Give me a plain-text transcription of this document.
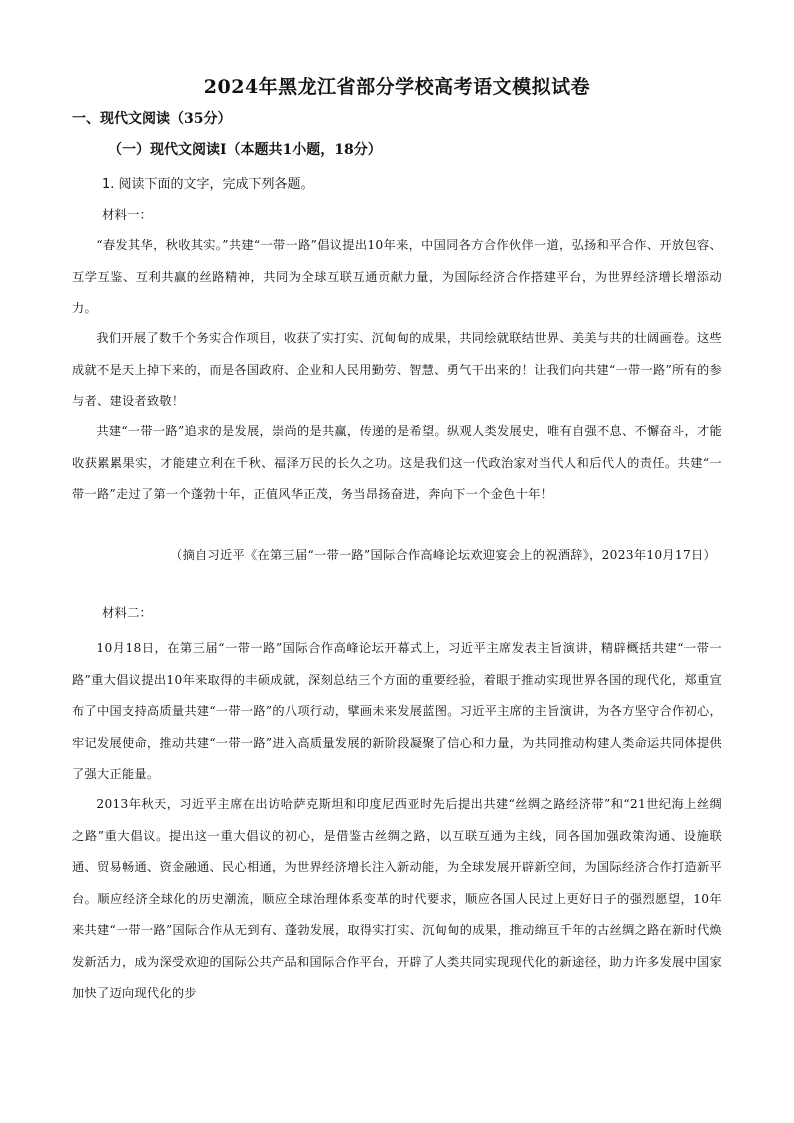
2024年黑龙江省部分学校高考语文模拟试卷
一、现代文阅读（35分）
（一）现代文阅读Ⅰ（本题共1小题，18分）
1. 阅读下面的文字，完成下列各题。
材料一：

“春发其华，秋收其实。”共建“一带一路”倡议提出10年来，中国同各方合作伙伴一道，弘扬和平合作、开放包容、互学互鉴、互利共赢的丝路精神，共同为全球互联互通贡献力量，为国际经济合作搭建平台，为世界经济增长增添动力。

我们开展了数千个务实合作项目，收获了实打实、沉甸甸的成果，共同绘就联结世界、美美与共的壮阔画卷。这些成就不是天上掉下来的，而是各国政府、企业和人民用勤劳、智慧、勇气干出来的！让我们向共建“一带一路”所有的参与者、建设者致敬！

共建“一带一路”追求的是发展，崇尚的是共赢，传递的是希望。纵观人类发展史，唯有自强不息、不懈奋斗，才能收获累累果实，才能建立利在千秋、福泽万民的长久之功。这是我们这一代政治家对当代人和后代人的责任。共建“一带一路”走过了第一个蓬勃十年，正值风华正茂，务当昂扬奋进，奔向下一个金色十年！

（摘自习近平《在第三届“一带一路”国际合作高峰论坛欢迎宴会上的祝酒辞》，2023年10月17日）

材料二：

10月18日，在第三届“一带一路”国际合作高峰论坛开幕式上，习近平主席发表主旨演讲，精辟概括共建“一带一路”重大倡议提出10年来取得的丰硕成就，深刻总结三个方面的重要经验，着眼于推动实现世界各国的现代化，郑重宣布了中国支持高质量共建“一带一路”的八项行动，擘画未来发展蓝图。习近平主席的主旨演讲，为各方坚守合作初心，牢记发展使命，推动共建“一带一路”进入高质量发展的新阶段凝聚了信心和力量，为共同推动构建人类命运共同体提供了强大正能量。

2013年秋天，习近平主席在出访哈萨克斯坦和印度尼西亚时先后提出共建“丝绸之路经济带”和“21世纪海上丝绸之路”重大倡议。提出这一重大倡议的初心，是借鉴古丝绸之路，以互联互通为主线，同各国加强政策沟通、设施联通、贸易畅通、资金融通、民心相通，为世界经济增长注入新动能，为全球发展开辟新空间，为国际经济合作打造新平台。顺应经济全球化的历史潮流，顺应全球治理体系变革的时代要求，顺应各国人民过上更好日子的强烈愿望，10年来共建“一带一路”国际合作从无到有、蓬勃发展，取得实打实、沉甸甸的成果，推动绵亘千年的古丝绸之路在新时代焕发新活力，成为深受欢迎的国际公共产品和国际合作平台，开辟了人类共同实现现代化的新途径，助力许多发展中国家加快了迈向现代化的步
